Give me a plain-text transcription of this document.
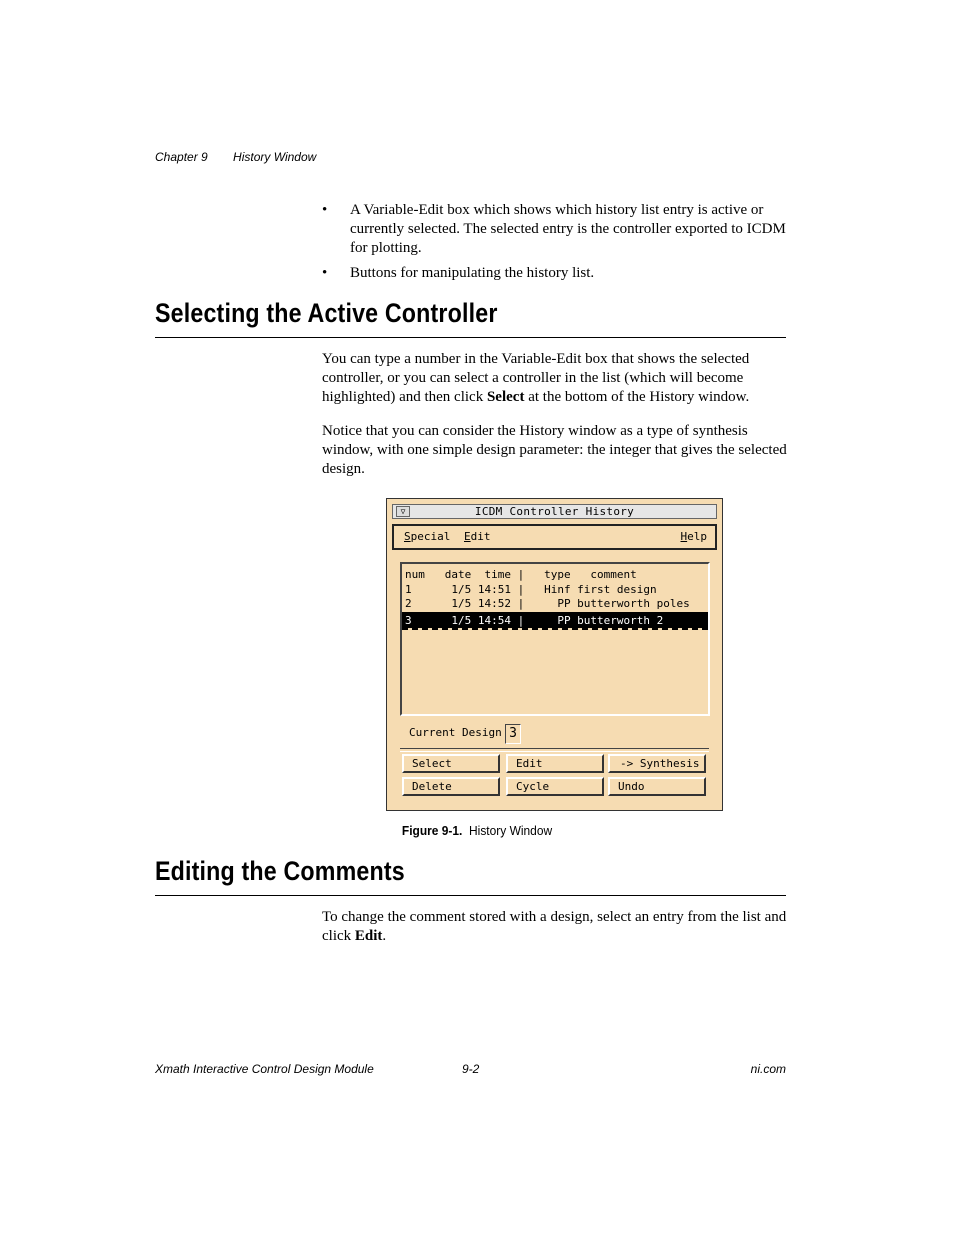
Chapter 9 History Window
•	A Variable-Edit box which shows which history list entry is active or currently selected. The selected entry is the controller exported to ICDM for plotting.
•	Buttons for manipulating the history list.
Selecting the Active Controller

You can type a number in the Variable-Edit box that shows the selected controller, or you can select a controller in the list (which will become highlighted) and then click Select at the bottom of the History window.

Notice that you can consider the History window as a type of synthesis window, with one simple design parameter: the integer that gives the selected design.

▽	ICDM Controller History
Special Edit	Help
num   date  time |   type   comment
1      1/5 14:51 |   Hinf first design
2      1/5 14:52 |     PP butterworth poles
3      1/5 14:54 |     PP butterworth 2
Current Design 3
Select	Edit	-> Synthesis
Delete	Cycle	Undo
Figure 9-1. History Window
Editing the Comments

To change the comment stored with a design, select an entry from the list and click Edit.

Xmath Interactive Control Design Module	9-2	ni.com
